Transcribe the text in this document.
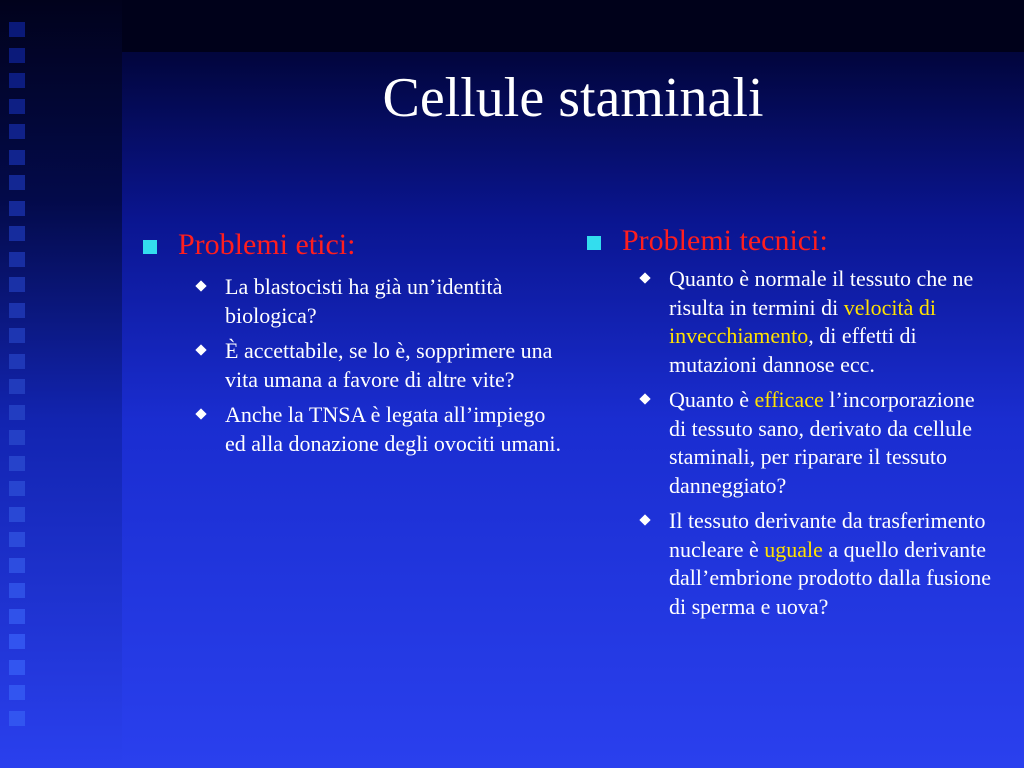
Cellule staminali
Problemi etici:
La blastocisti ha già un’identità biologica?
È accettabile, se lo è, sopprimere una vita umana a favore di altre vite?
Anche la TNSA è legata all’impiego ed alla donazione degli ovociti umani.
Problemi tecnici:
Quanto è normale il tessuto che ne risulta in termini di velocità di invecchiamento, di effetti di mutazioni dannose ecc.
Quanto è efficace l’incorporazione di tessuto sano, derivato da cellule staminali, per riparare il tessuto danneggiato?
Il tessuto derivante da trasferimento nucleare è uguale a quello derivante dall’embrione prodotto dalla fusione di sperma e uova?
